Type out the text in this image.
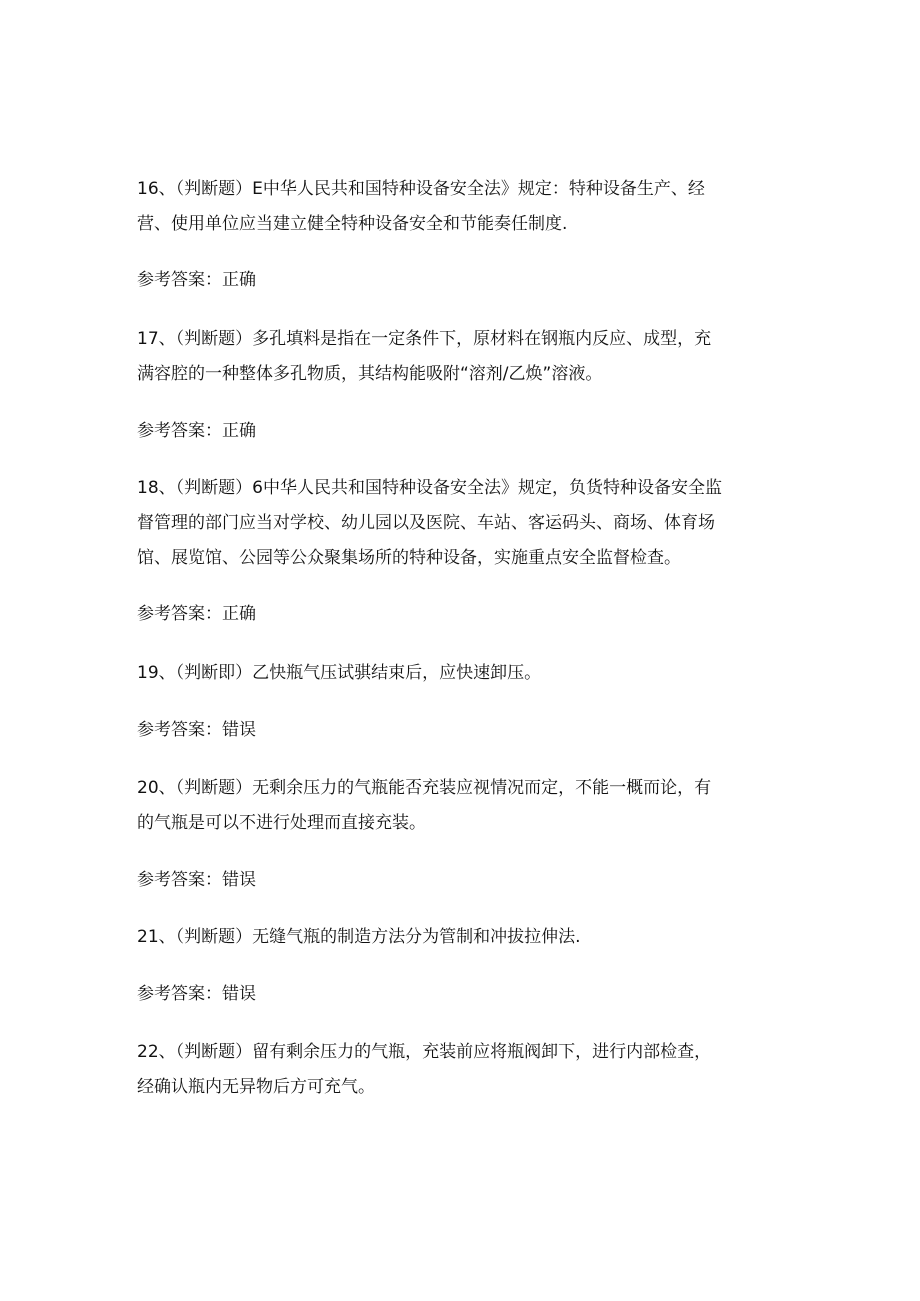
16、（判断题）E中华人民共和国特种设备安全法》规定：特种设备生产、经
营、使用单位应当建立健全特种设备安全和节能奏任制度.
参考答案：正确
17、（判断题）多孔填料是指在一定条件下，原材料在钢瓶内反应、成型，充
满容腔的一种整体多孔物质，其结构能吸附“溶剂/乙焕”溶液。
参考答案：正确
18、（判断题）6中华人民共和国特种设备安全法》规定，负货特种设备安全监
督管理的部门应当对学校、幼儿园以及医院、车站、客运码头、商场、体育场
馆、展览馆、公园等公众聚集场所的特种设备，实施重点安全监督检查。
参考答案：正确
19、（判断即）乙快瓶气压试骐结束后，应快速卸压。
参考答案：错误
20、（判断题）无剩余压力的气瓶能否充装应视情况而定，不能一概而论，有
的气瓶是可以不进行处理而直接充装。
参考答案：错误
21、（判断题）无缝气瓶的制造方法分为管制和冲拔拉伸法.
参考答案：错误
22、（判断题）留有剩余压力的气瓶，充装前应将瓶阀卸下，进行内部检查，
经确认瓶内无异物后方可充气。
